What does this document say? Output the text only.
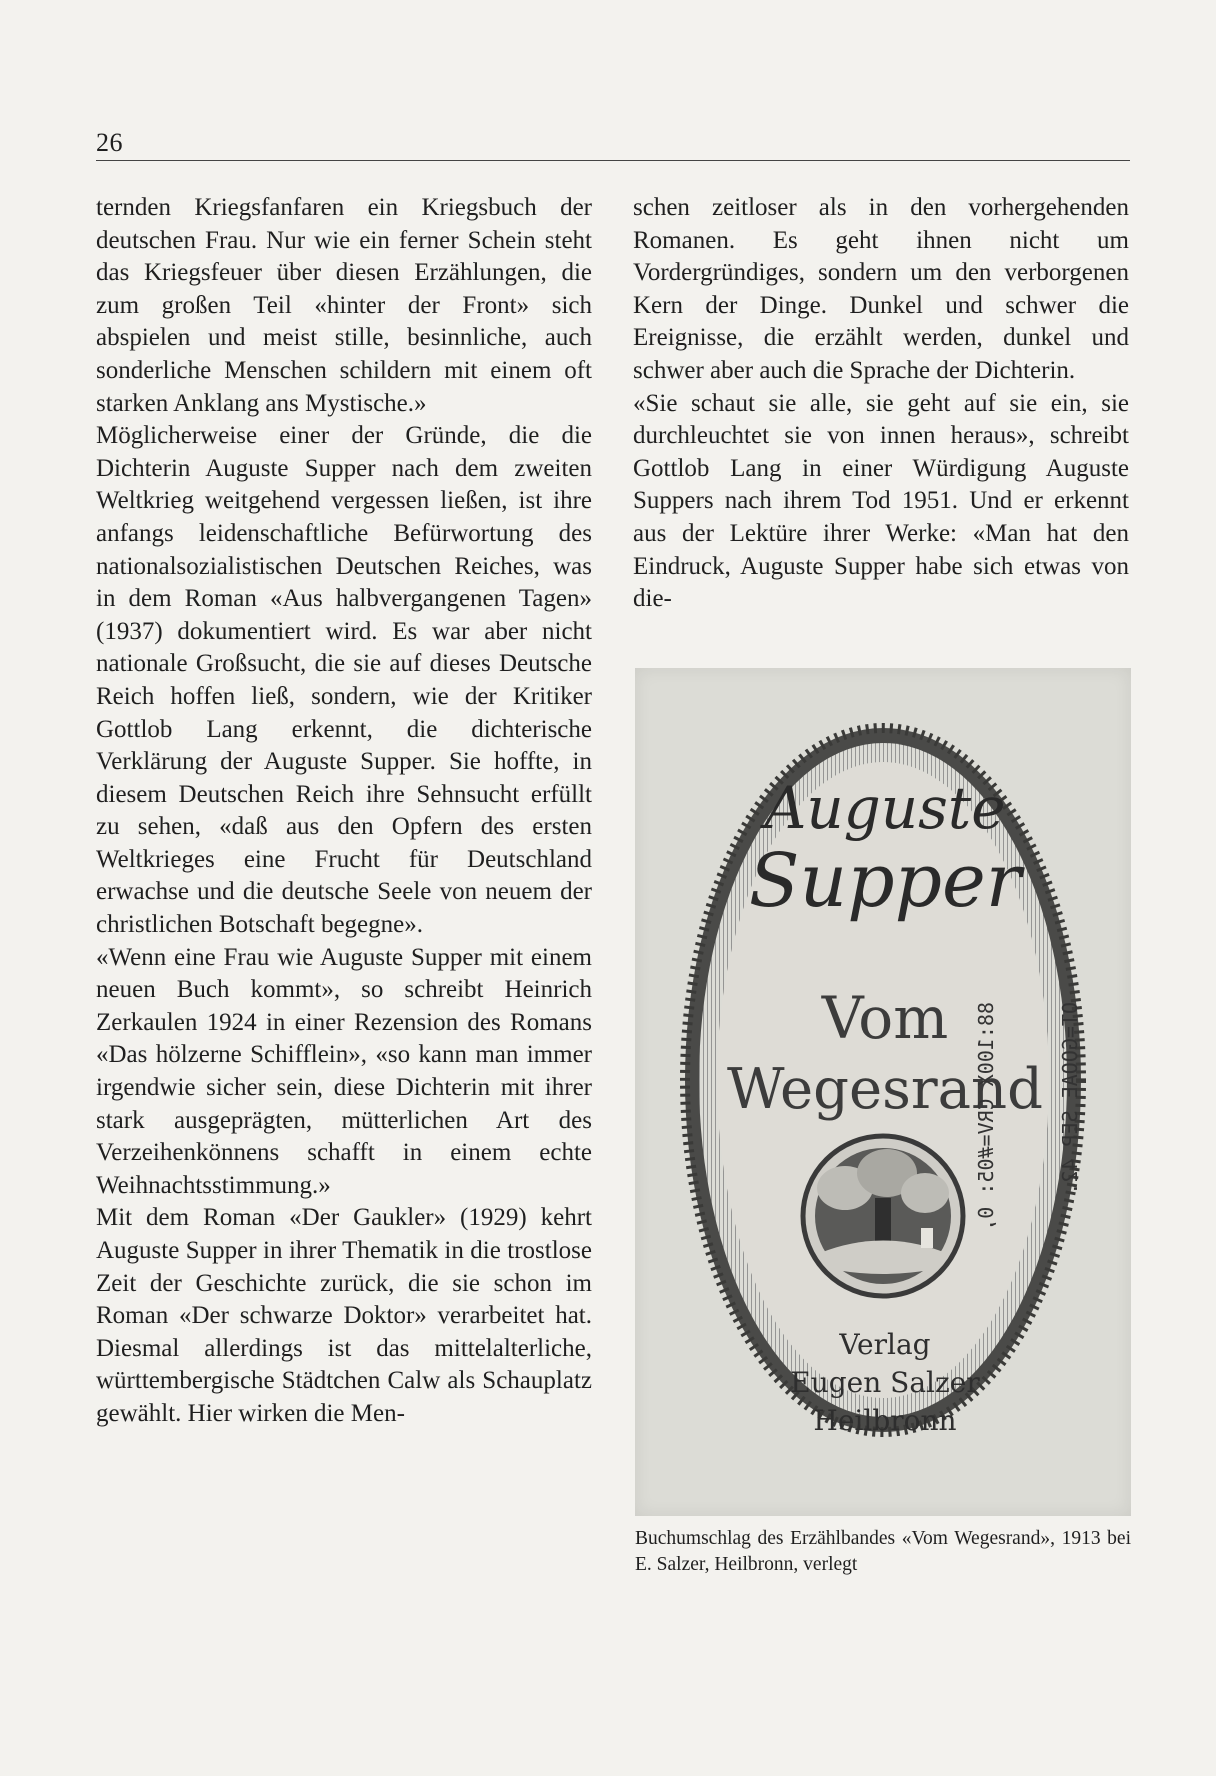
26

ternden Kriegsfanfaren ein Kriegsbuch der deutschen Frau. Nur wie ein ferner Schein steht das Kriegsfeuer über diesen Erzählungen, die zum großen Teil «hinter der Front» sich abspielen und meist stille, besinnliche, auch sonderliche Menschen schildern mit einem oft starken Anklang ans Mystische.»

Möglicherweise einer der Gründe, die die Dichterin Auguste Supper nach dem zweiten Weltkrieg weitgehend vergessen ließen, ist ihre anfangs leidenschaftliche Befürwortung des nationalsozialistischen Deutschen Reiches, was in dem Roman «Aus halbvergangenen Tagen» (1937) dokumentiert wird. Es war aber nicht nationale Großsucht, die sie auf dieses Deutsche Reich hoffen ließ, sondern, wie der Kritiker Gottlob Lang erkennt, die dichterische Verklärung der Auguste Supper. Sie hoffte, in diesem Deutschen Reich ihre Sehnsucht erfüllt zu sehen, «daß aus den Opfern des ersten Weltkrieges eine Frucht für Deutschland erwachse und die deutsche Seele von neuem der christlichen Botschaft begegne».

«Wenn eine Frau wie Auguste Supper mit einem neuen Buch kommt», so schreibt Heinrich Zerkaulen 1924 in einer Rezension des Romans «Das hölzerne Schifflein», «so kann man immer irgendwie sicher sein, diese Dichterin mit ihrer stark ausgeprägten, mütterlichen Art des Verzeihenkönnens schafft in einem echte Weihnachtsstimmung.»

Mit dem Roman «Der Gaukler» (1929) kehrt Auguste Supper in ihrer Thematik in die trostlose Zeit der Geschichte zurück, die sie schon im Roman «Der schwarze Doktor» verarbeitet hat. Diesmal allerdings ist das mittelalterliche, württembergische Städtchen Calw als Schauplatz gewählt. Hier wirken die Men-

schen zeitloser als in den vorhergehenden Romanen. Es geht ihnen nicht um Vordergründiges, sondern um den verborgenen Kern der Dinge. Dunkel und schwer die Ereignisse, die erzählt werden, dunkel und schwer aber auch die Sprache der Dichterin.

«Sie schaut sie alle, sie geht auf sie ein, sie durchleuchtet sie von innen heraus», schreibt Gottlob Lang in einer Würdigung Auguste Suppers nach ihrem Tod 1951. Und er erkennt aus der Lektüre ihrer Werke: «Man hat den Eindruck, Auguste Supper habe sich etwas von die-

Auguste
Supper
Vom
Wegesrand
Verlag
Eugen Salzer
Heilbronn
Buchumschlag des Erzählbandes «Vom Wegesrand», 1913 bei E. Salzer, Heilbronn, verlegt

OT=GOOAE SEP 42.

88:100X CRV=#05: 0,
